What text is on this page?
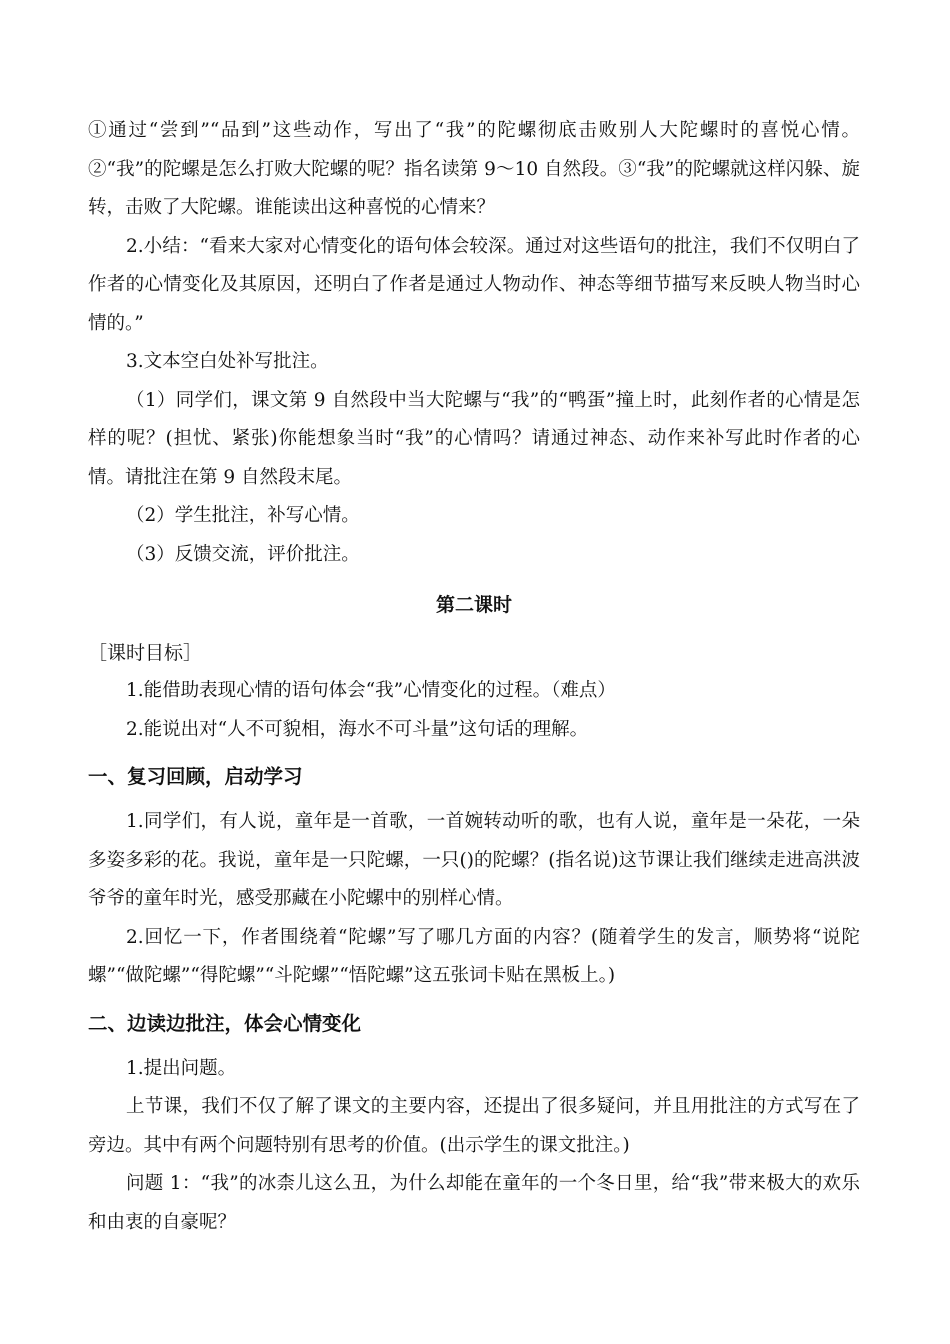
①通过“尝到”“品到”这些动作，写出了“我”的陀螺彻底击败别人大陀螺时的喜悦心情。②“我”的陀螺是怎么打败大陀螺的呢？指名读第 9～10 自然段。③“我”的陀螺就这样闪躲、旋转，击败了大陀螺。谁能读出这种喜悦的心情来？

2.小结：“看来大家对心情变化的语句体会较深。通过对这些语句的批注，我们不仅明白了作者的心情变化及其原因，还明白了作者是通过人物动作、神态等细节描写来反映人物当时心情的。”

3.文本空白处补写批注。

（1）同学们，课文第 9 自然段中当大陀螺与“我”的“鸭蛋”撞上时，此刻作者的心情是怎样的呢？(担忧、紧张)你能想象当时“我”的心情吗？请通过神态、动作来补写此时作者的心情。请批注在第 9 自然段末尾。

（2）学生批注，补写心情。

（3）反馈交流，评价批注。

第二课时
［课时目标］

1.能借助表现心情的语句体会“我”心情变化的过程。（难点）

2.能说出对“人不可貌相，海水不可斗量”这句话的理解。

一、复习回顾，启动学习

1.同学们，有人说，童年是一首歌，一首婉转动听的歌，也有人说，童年是一朵花，一朵多姿多彩的花。我说，童年是一只陀螺，一只()的陀螺？(指名说)这节课让我们继续走进高洪波爷爷的童年时光，感受那藏在小陀螺中的别样心情。

2.回忆一下，作者围绕着“陀螺”写了哪几方面的内容？(随着学生的发言，顺势将“说陀螺”“做陀螺”“得陀螺”“斗陀螺”“悟陀螺”这五张词卡贴在黑板上。)

二、边读边批注，体会心情变化

1.提出问题。

上节课，我们不仅了解了课文的主要内容，还提出了很多疑问，并且用批注的方式写在了旁边。其中有两个问题特别有思考的价值。(出示学生的课文批注。)

问题 1：“我”的冰柰儿这么丑，为什么却能在童年的一个冬日里，给“我”带来极大的欢乐和由衷的自豪呢？
